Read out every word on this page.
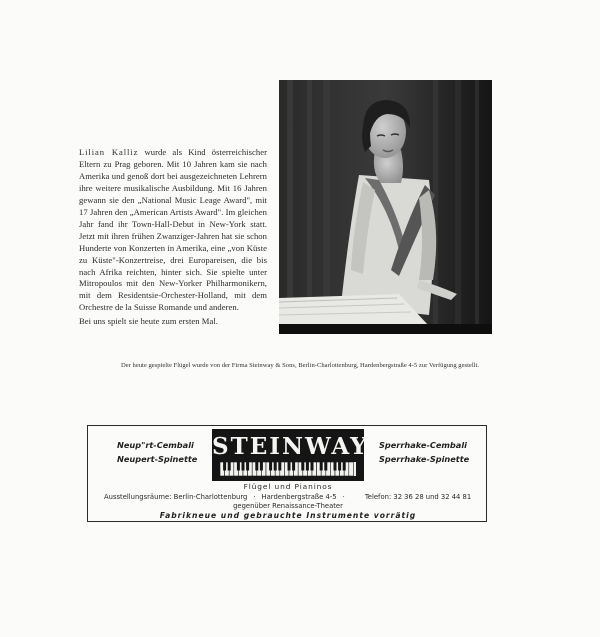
Lilian Kalliz wurde als Kind österreichischer Eltern zu Prag geboren. Mit 10 Jahren kam sie nach Amerika und genoß dort bei ausgezeichneten Lehrern ihre weitere musikalische Ausbildung. Mit 16 Jahren gewann sie den „National Music Leage Award", mit 17 Jahren den „American Artists Award". Im gleichen Jahr fand ihr Town-Hall-Debut in New-York statt. Jetzt mit ihren frühen Zwanziger-Jahren hat sie schon Hunderte von Konzerten in Amerika, eine „von Küste zu Küste"-Konzertreise, drei Europareisen, die bis nach Afrika reichten, hinter sich. Sie spielte unter Mitropoulos mit den New-Yorker Philharmonikern, mit dem Residentsie-Orchester-Holland, mit dem Orchestre de la Suisse Romande und anderen.

Bei uns spielt sie heute zum ersten Mal.

Der heute gespielte Flügel wurde von der Firma Steinway & Sons, Berlin-Charlottenburg, Hardenbergstraße 4-5 zur Verfügung gestellt.
Neup"rt-Cembali
Neupert-Spinette STEINWAY Sperrhake-Cembali
Sperrhake-Spinette
Flügel und Pianinos
Ausstellungsräume: Berlin-Charlottenburg · Hardenbergstraße 4-5 ·	Telefon: 32 36 28 und 32 44 81
gegenüber Renaissance-Theater
Fabrikneue und gebrauchte Instrumente vorrätig
